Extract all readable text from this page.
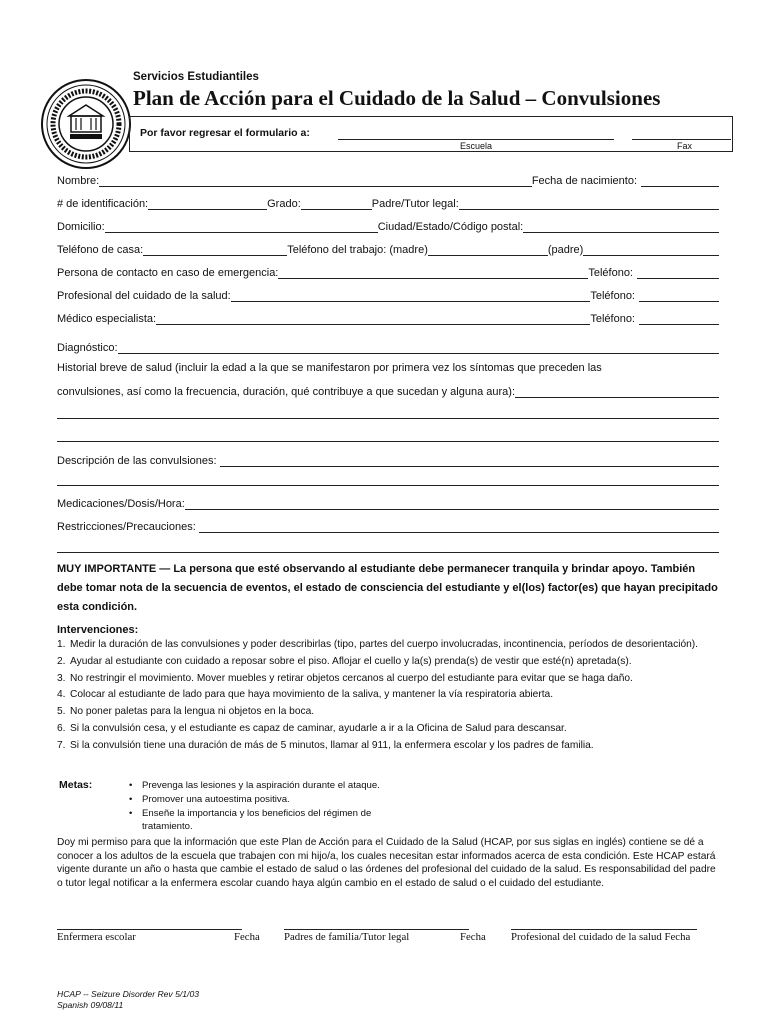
Servicios Estudiantiles
Plan de Acción para el Cuidado de la Salud – Convulsiones
Por favor regresar el formulario a:
Escuela	Fax
Nombre:	Fecha de nacimiento:
# de identificación:	Grado:	Padre/Tutor legal:
Domicilio:	Ciudad/Estado/Código postal:
Teléfono de casa:	Teléfono del trabajo: (madre)	(padre)
Persona de contacto en caso de emergencia:	Teléfono:
Profesional del cuidado de la salud:	Teléfono:
Médico especialista:	Teléfono:
Diagnóstico:
Historial breve de salud (incluir la edad a la que se manifestaron por primera vez los síntomas que preceden las
convulsiones, así como la frecuencia, duración, qué contribuye a que sucedan y alguna aura):
Descripción de las convulsiones:
Medicaciones/Dosis/Hora:
Restricciones/Precauciones:
MUY IMPORTANTE — La persona que esté observando al estudiante debe permanecer tranquila y brindar apoyo. También debe tomar nota de la secuencia de eventos, el estado de consciencia del estudiante y el(los) factor(es) que hayan precipitado esta condición.
Intervenciones:
1. Medir la duración de las convulsiones y poder describirlas (tipo, partes del cuerpo involucradas, incontinencia, períodos de desorientación).
2. Ayudar al estudiante con cuidado a reposar sobre el piso. Aflojar el cuello y la(s) prenda(s) de vestir que esté(n) apretada(s).
3. No restringir el movimiento. Mover muebles y retirar objetos cercanos al cuerpo del estudiante para evitar que se haga daño.
4. Colocar al estudiante de lado para que haya movimiento de la saliva, y mantener la vía respiratoria abierta.
5. No poner paletas para la lengua ni objetos en la boca.
6. Si la convulsión cesa, y el estudiante es capaz de caminar, ayudarle a ir a la Oficina de Salud para descansar.
7. Si la convulsión tiene una duración de más de 5 minutos, llamar al 911, la enfermera escolar y los padres de familia.
Metas:
•	Prevenga las lesiones y la aspiración durante el ataque.
• Promover una autoestima positiva.
• Enseñe la importancia y los beneficios del régimen de tratamiento.
Doy mi permiso para que la información que este Plan de Acción para el Cuidado de la Salud (HCAP, por sus siglas en inglés) contiene se dé a conocer a los adultos de la escuela que trabajen con mi hijo/a, los cuales necesitan estar informados acerca de esta condición. Este HCAP estará vigente durante un año o hasta que cambie el estado de salud o las órdenes del profesional del cuidado de la salud. Es responsabilidad del padre o tutor legal notificar a la enfermera escolar cuando haya algún cambio en el estado de salud o el cuidado del estudiante.
Enfermera escolar	Fecha Padres de familia/Tutor legal	Fecha Profesional del cuidado de la salud Fecha
HCAP -- Seizure Disorder Rev 5/1/03
Spanish 09/08/11
